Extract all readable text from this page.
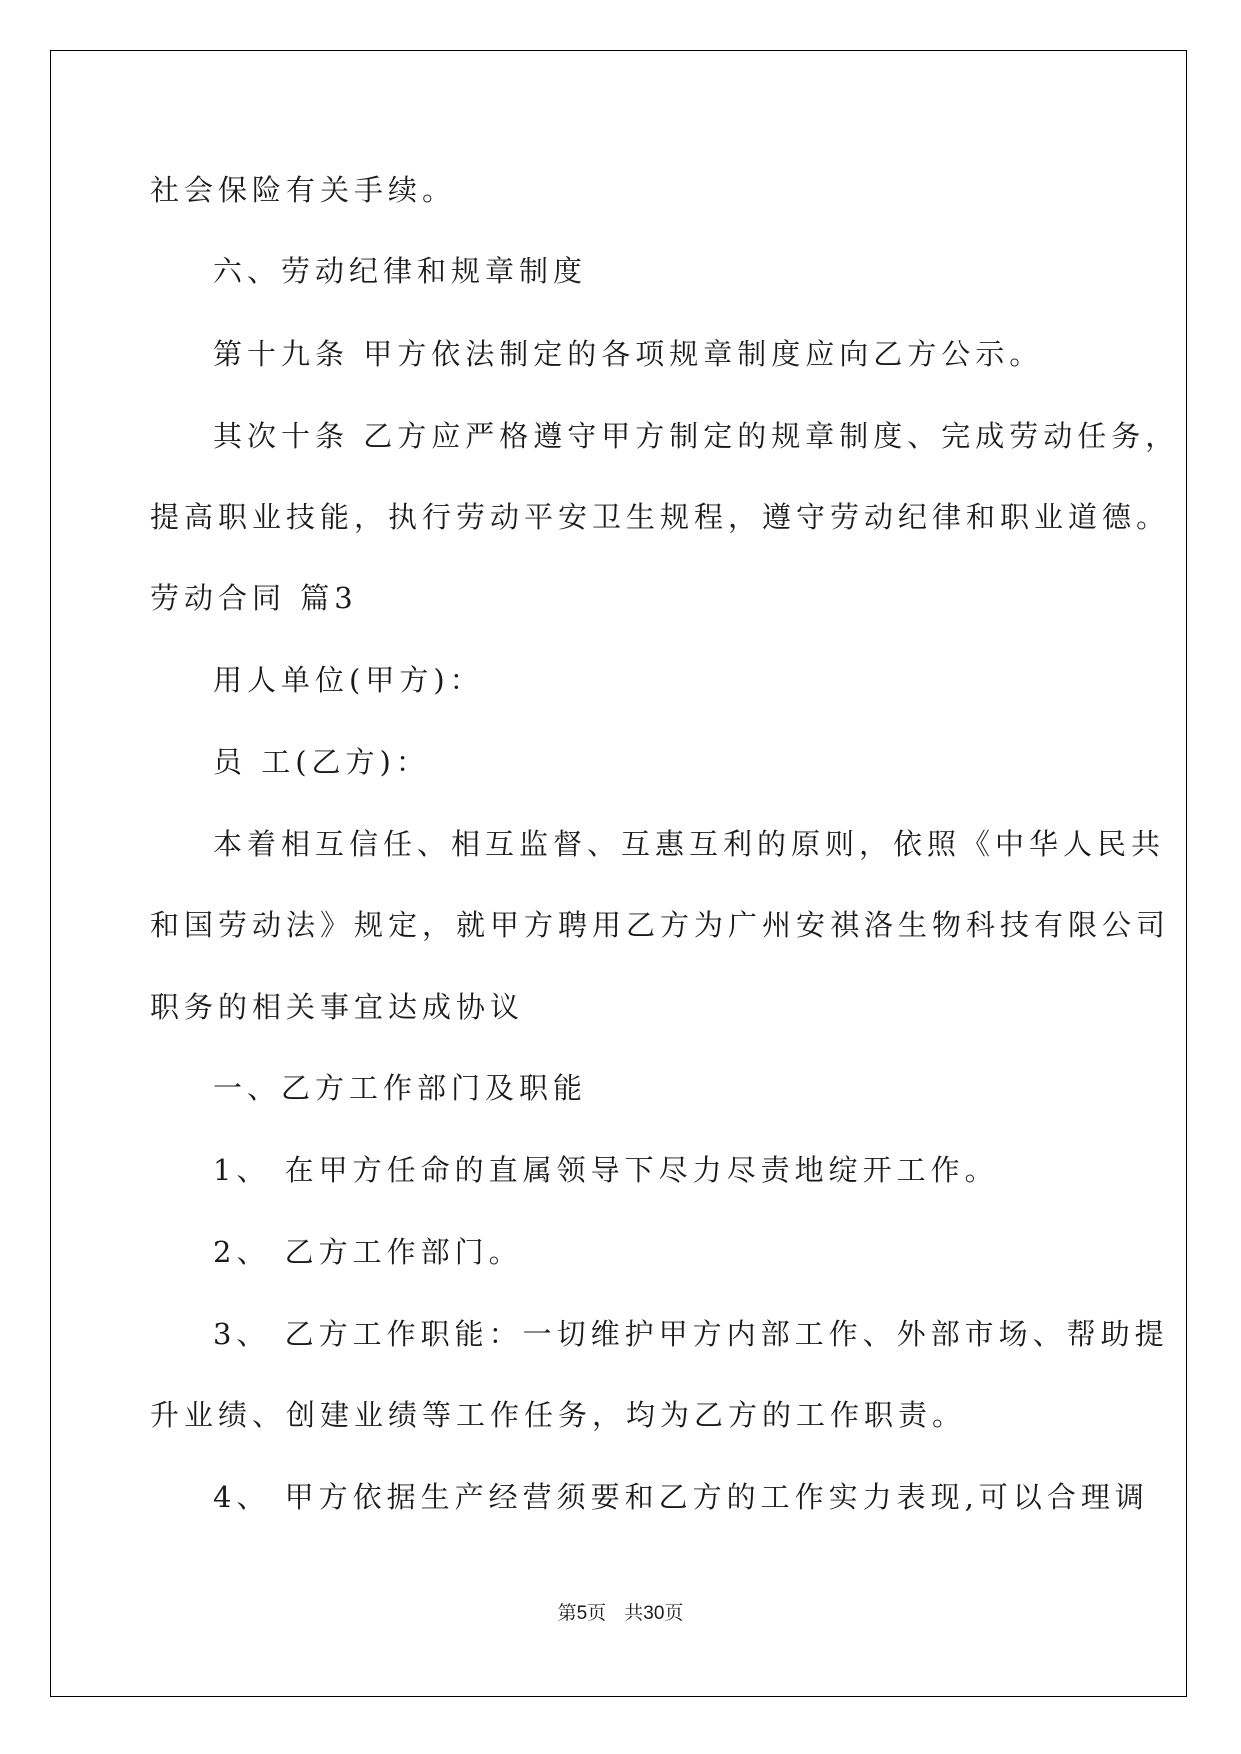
社会保险有关手续。
六、劳动纪律和规章制度
第十九条 甲方依法制定的各项规章制度应向乙方公示。
其次十条 乙方应严格遵守甲方制定的规章制度、完成劳动任务，
提高职业技能，执行劳动平安卫生规程，遵守劳动纪律和职业道德。
劳动合同 篇3
用人单位(甲方)：
员 工(乙方)：
本着相互信任、相互监督、互惠互利的原则，依照《中华人民共
和国劳动法》规定，就甲方聘用乙方为广州安祺洛生物科技有限公司
职务的相关事宜达成协议
一、乙方工作部门及职能
1、 在甲方任命的直属领导下尽力尽责地绽开工作。
2、 乙方工作部门。
3、 乙方工作职能：一切维护甲方内部工作、外部市场、帮助提
升业绩、创建业绩等工作任务，均为乙方的工作职责。
4、 甲方依据生产经营须要和乙方的工作实力表现,可以合理调
第5页   共30页
